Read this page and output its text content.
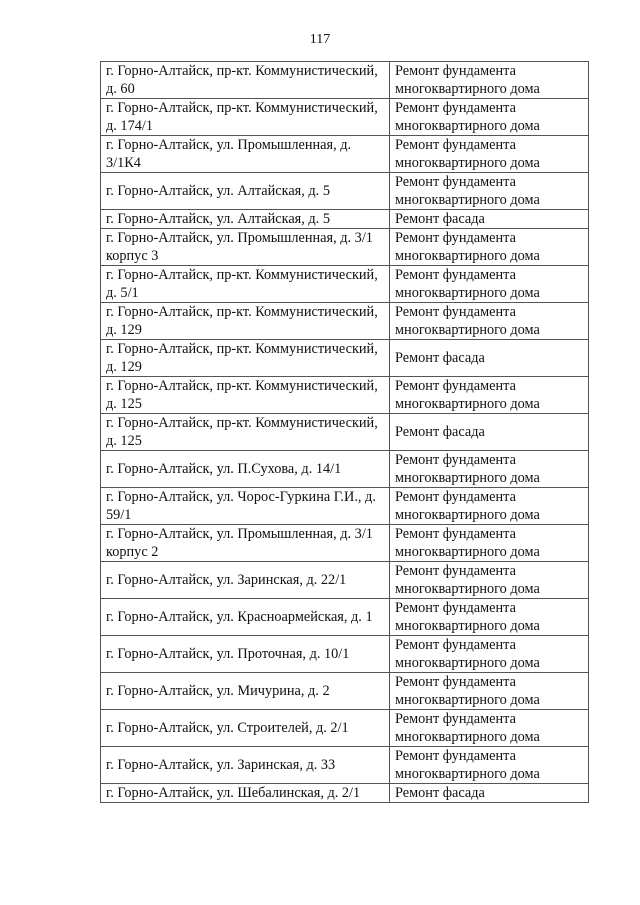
117
г. Горно-Алтайск, пр-кт. Коммунистический, д. 60	Ремонт фундамента многоквартирного дома
г. Горно-Алтайск, пр-кт. Коммунистический, д. 174/1	Ремонт фундамента многоквартирного дома
г. Горно-Алтайск, ул. Промышленная, д. 3/1К4	Ремонт фундамента многоквартирного дома
г. Горно-Алтайск, ул. Алтайская, д. 5	Ремонт фундамента многоквартирного дома
г. Горно-Алтайск, ул. Алтайская, д. 5	Ремонт фасада
г. Горно-Алтайск, ул. Промышленная, д. 3/1 корпус 3	Ремонт фундамента многоквартирного дома
г. Горно-Алтайск, пр-кт. Коммунистический, д. 5/1	Ремонт фундамента многоквартирного дома
г. Горно-Алтайск, пр-кт. Коммунистический, д. 129	Ремонт фундамента многоквартирного дома
г. Горно-Алтайск, пр-кт. Коммунистический, д. 129	Ремонт фасада
г. Горно-Алтайск, пр-кт. Коммунистический, д. 125	Ремонт фундамента многоквартирного дома
г. Горно-Алтайск, пр-кт. Коммунистический, д. 125	Ремонт фасада
г. Горно-Алтайск, ул. П.Сухова, д. 14/1	Ремонт фундамента многоквартирного дома
г. Горно-Алтайск, ул. Чорос-Гуркина Г.И., д. 59/1	Ремонт фундамента многоквартирного дома
г. Горно-Алтайск, ул. Промышленная, д. 3/1 корпус 2	Ремонт фундамента многоквартирного дома
г. Горно-Алтайск, ул. Заринская, д. 22/1	Ремонт фундамента многоквартирного дома
г. Горно-Алтайск, ул. Красноармейская, д. 1	Ремонт фундамента многоквартирного дома
г. Горно-Алтайск, ул. Проточная, д. 10/1	Ремонт фундамента многоквартирного дома
г. Горно-Алтайск, ул. Мичурина, д. 2	Ремонт фундамента многоквартирного дома
г. Горно-Алтайск, ул. Строителей, д. 2/1	Ремонт фундамента многоквартирного дома
г. Горно-Алтайск, ул. Заринская, д. 33	Ремонт фундамента многоквартирного дома
г. Горно-Алтайск, ул. Шебалинская, д. 2/1	Ремонт фасада
